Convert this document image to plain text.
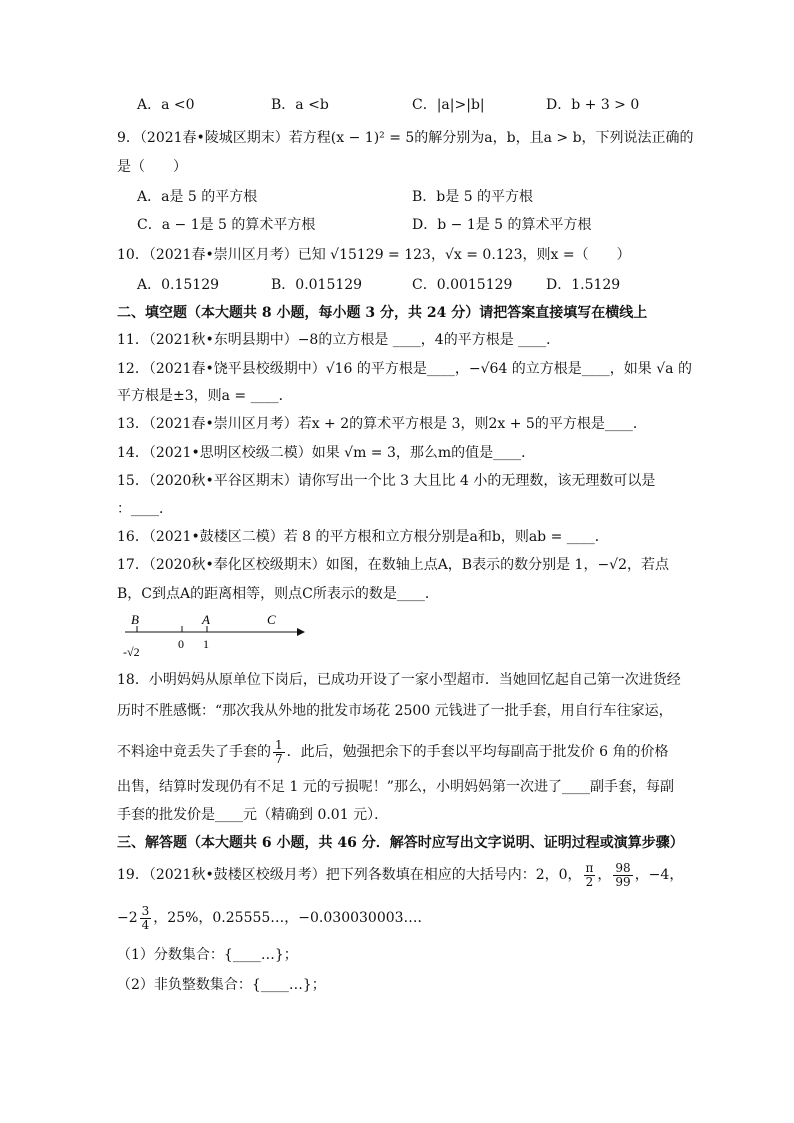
A．a <0	B．a <b	C．|a|>|b|	D．b + 3 > 0
9．（2021春•陵城区期末）若方程(x − 1)² = 5的解分别为a，b，且a > b，下列说法正确的
是（　　）
A．a是 5 的平方根	B．b是 5 的平方根
C．a − 1是 5 的算术平方根	D．b − 1是 5 的算术平方根
10．（2021春•崇川区月考）已知 √15129 = 123，√x = 0.123，则x =（　　）
A．0.15129	B．0.015129	C．0.0015129 D．1.5129
二、填空题（本大题共 8 小题，每小题 3 分，共 24 分）请把答案直接填写在横线上
11．（2021秋•东明县期中）−8的立方根是 ____，4的平方根是 ____．
12．（2021春•饶平县校级期中）√16 的平方根是____，−√64 的立方根是____，如果 √a 的
平方根是±3，则a = ____．
13．（2021春•崇川区月考）若x + 2的算术平方根是 3，则2x + 5的平方根是____．
14．（2021•思明区校级二模）如果 √m = 3，那么m的值是____．
15．（2020秋•平谷区期末）请你写出一个比 3 大且比 4 小的无理数，该无理数可以是
：____．
16．（2021•鼓楼区二模）若 8 的平方根和立方根分别是a和b，则ab = ____．
17．（2020秋•奉化区校级期末）如图，在数轴上点A，B表示的数分别是 1，−√2，若点
B，C到点A的距离相等，则点C所表示的数是____．
B	A	C
0 1
-√2
18．小明妈妈从原单位下岗后，已成功开设了一家小型超市．当她回忆起自己第一次进货经
历时不胜感慨：“那次我从外地的批发市场花 2500 元钱进了一批手套，用自行车往家运，
不料途中竟丢失了手套的 $\frac{1}{7}$ ．此后，勉强把余下的手套以平均每副高于批发价 6 角的价格
出售，结算时发现仍有不足 1 元的亏损呢！”那么，小明妈妈第一次进了____副手套，每副
手套的批发价是____元（精确到 0.01 元）．
三、解答题（本大题共 6 小题，共 46 分．解答时应写出文字说明、证明过程或演算步骤）
19．（2021秋•鼓楼区校级月考）把下列各数填在相应的大括号内：2，0， $\frac{\pi}{2}$ ， $\frac{98}{99}$ ，−4，
$-2 \frac{3}{4}$ ，25%，0.25555…，−0.030030003…．
（1）分数集合：{____…}；
（2）非负整数集合：{____…}；
